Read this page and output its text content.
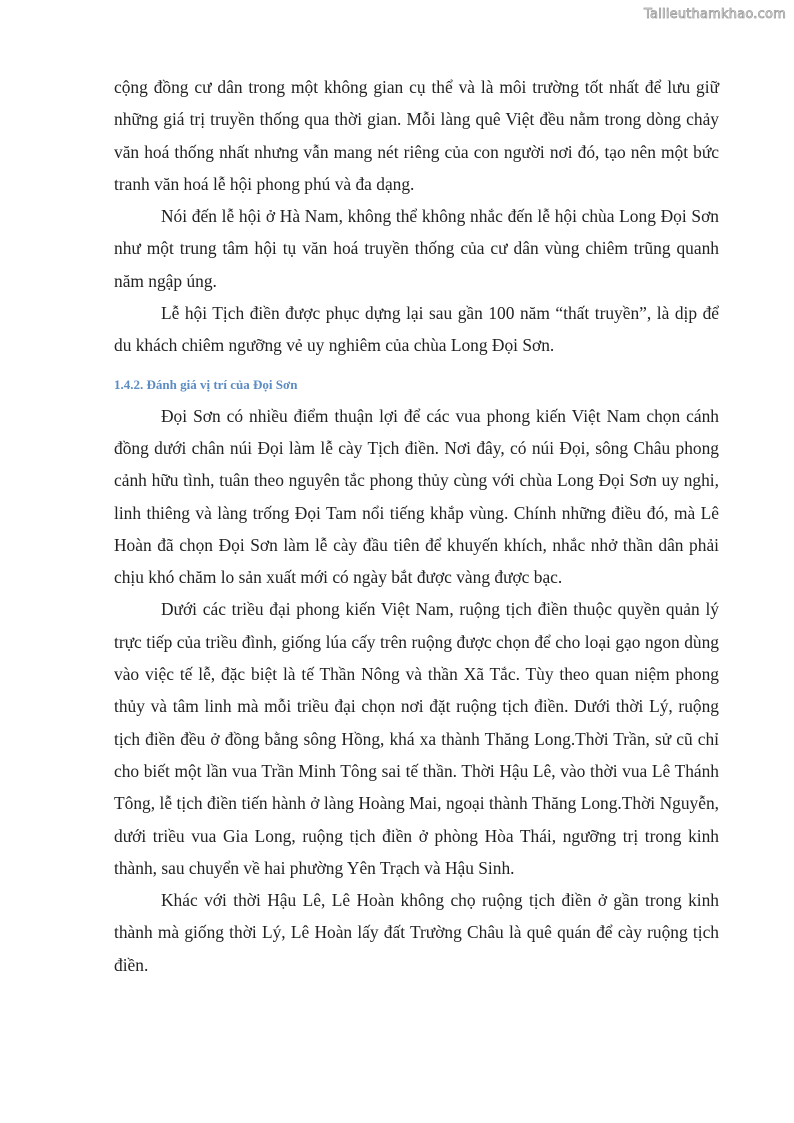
Tailieuthamkhao.com

cộng đồng cư dân trong một không gian cụ thể và là môi trường tốt nhất để lưu giữ những giá trị truyền thống qua thời gian. Mỗi làng quê Việt đều nằm trong dòng chảy văn hoá thống nhất nhưng vẫn mang nét riêng của con người nơi đó, tạo nên một bức tranh văn hoá lễ hội phong phú và đa dạng.

Nói đến lễ hội ở Hà Nam, không thể không nhắc đến lễ hội chùa Long Đọi Sơn như một trung tâm hội tụ văn hoá truyền thống của cư dân vùng chiêm trũng quanh năm ngập úng.

Lễ hội Tịch điền được phục dựng lại sau gần 100 năm “thất truyền”, là dịp để du khách chiêm ngưỡng vẻ uy nghiêm của chùa Long Đọi Sơn.

1.4.2. Đánh giá vị trí của Đọi Sơn

Đọi Sơn có nhiều điểm thuận lợi để các vua phong kiến Việt Nam chọn cánh đồng dưới chân núi Đọi làm lễ cày Tịch điền. Nơi đây, có núi Đọi, sông Châu phong cảnh hữu tình, tuân theo nguyên tắc phong thủy cùng với chùa Long Đọi Sơn uy nghi, linh thiêng và làng trống Đọi Tam nổi tiếng khắp vùng. Chính những điều đó, mà Lê Hoàn đã chọn Đọi Sơn làm lễ cày đầu tiên để khuyến khích, nhắc nhở thần dân phải chịu khó chăm lo sản xuất mới có ngày bắt được vàng được bạc.

Dưới các triều đại phong kiến Việt Nam, ruộng tịch điền thuộc quyền quản lý trực tiếp của triều đình, giống lúa cấy trên ruộng được chọn để cho loại gạo ngon dùng vào việc tế lễ, đặc biệt là tế Thần Nông và thần Xã Tắc. Tùy theo quan niệm phong thủy và tâm linh mà mỗi triều đại chọn nơi đặt ruộng tịch điền. Dưới thời Lý, ruộng tịch điền đều ở đồng bằng sông Hồng, khá xa thành Thăng Long.Thời Trần, sử cũ chỉ cho biết một lần vua Trần Minh Tông sai tế thần. Thời Hậu Lê, vào thời vua Lê Thánh Tông, lễ tịch điền tiến hành ở làng Hoàng Mai, ngoại thành Thăng Long.Thời Nguyễn, dưới triều vua Gia Long, ruộng tịch điền ở phòng Hòa Thái, ngưỡng trị trong kinh thành, sau chuyển về hai phường Yên Trạch và Hậu Sinh.

Khác với thời Hậu Lê, Lê Hoàn không chọ ruộng tịch điền ở gần trong kinh thành mà giống thời Lý, Lê Hoàn lấy đất Trường Châu là quê quán để cày ruộng tịch điền.
